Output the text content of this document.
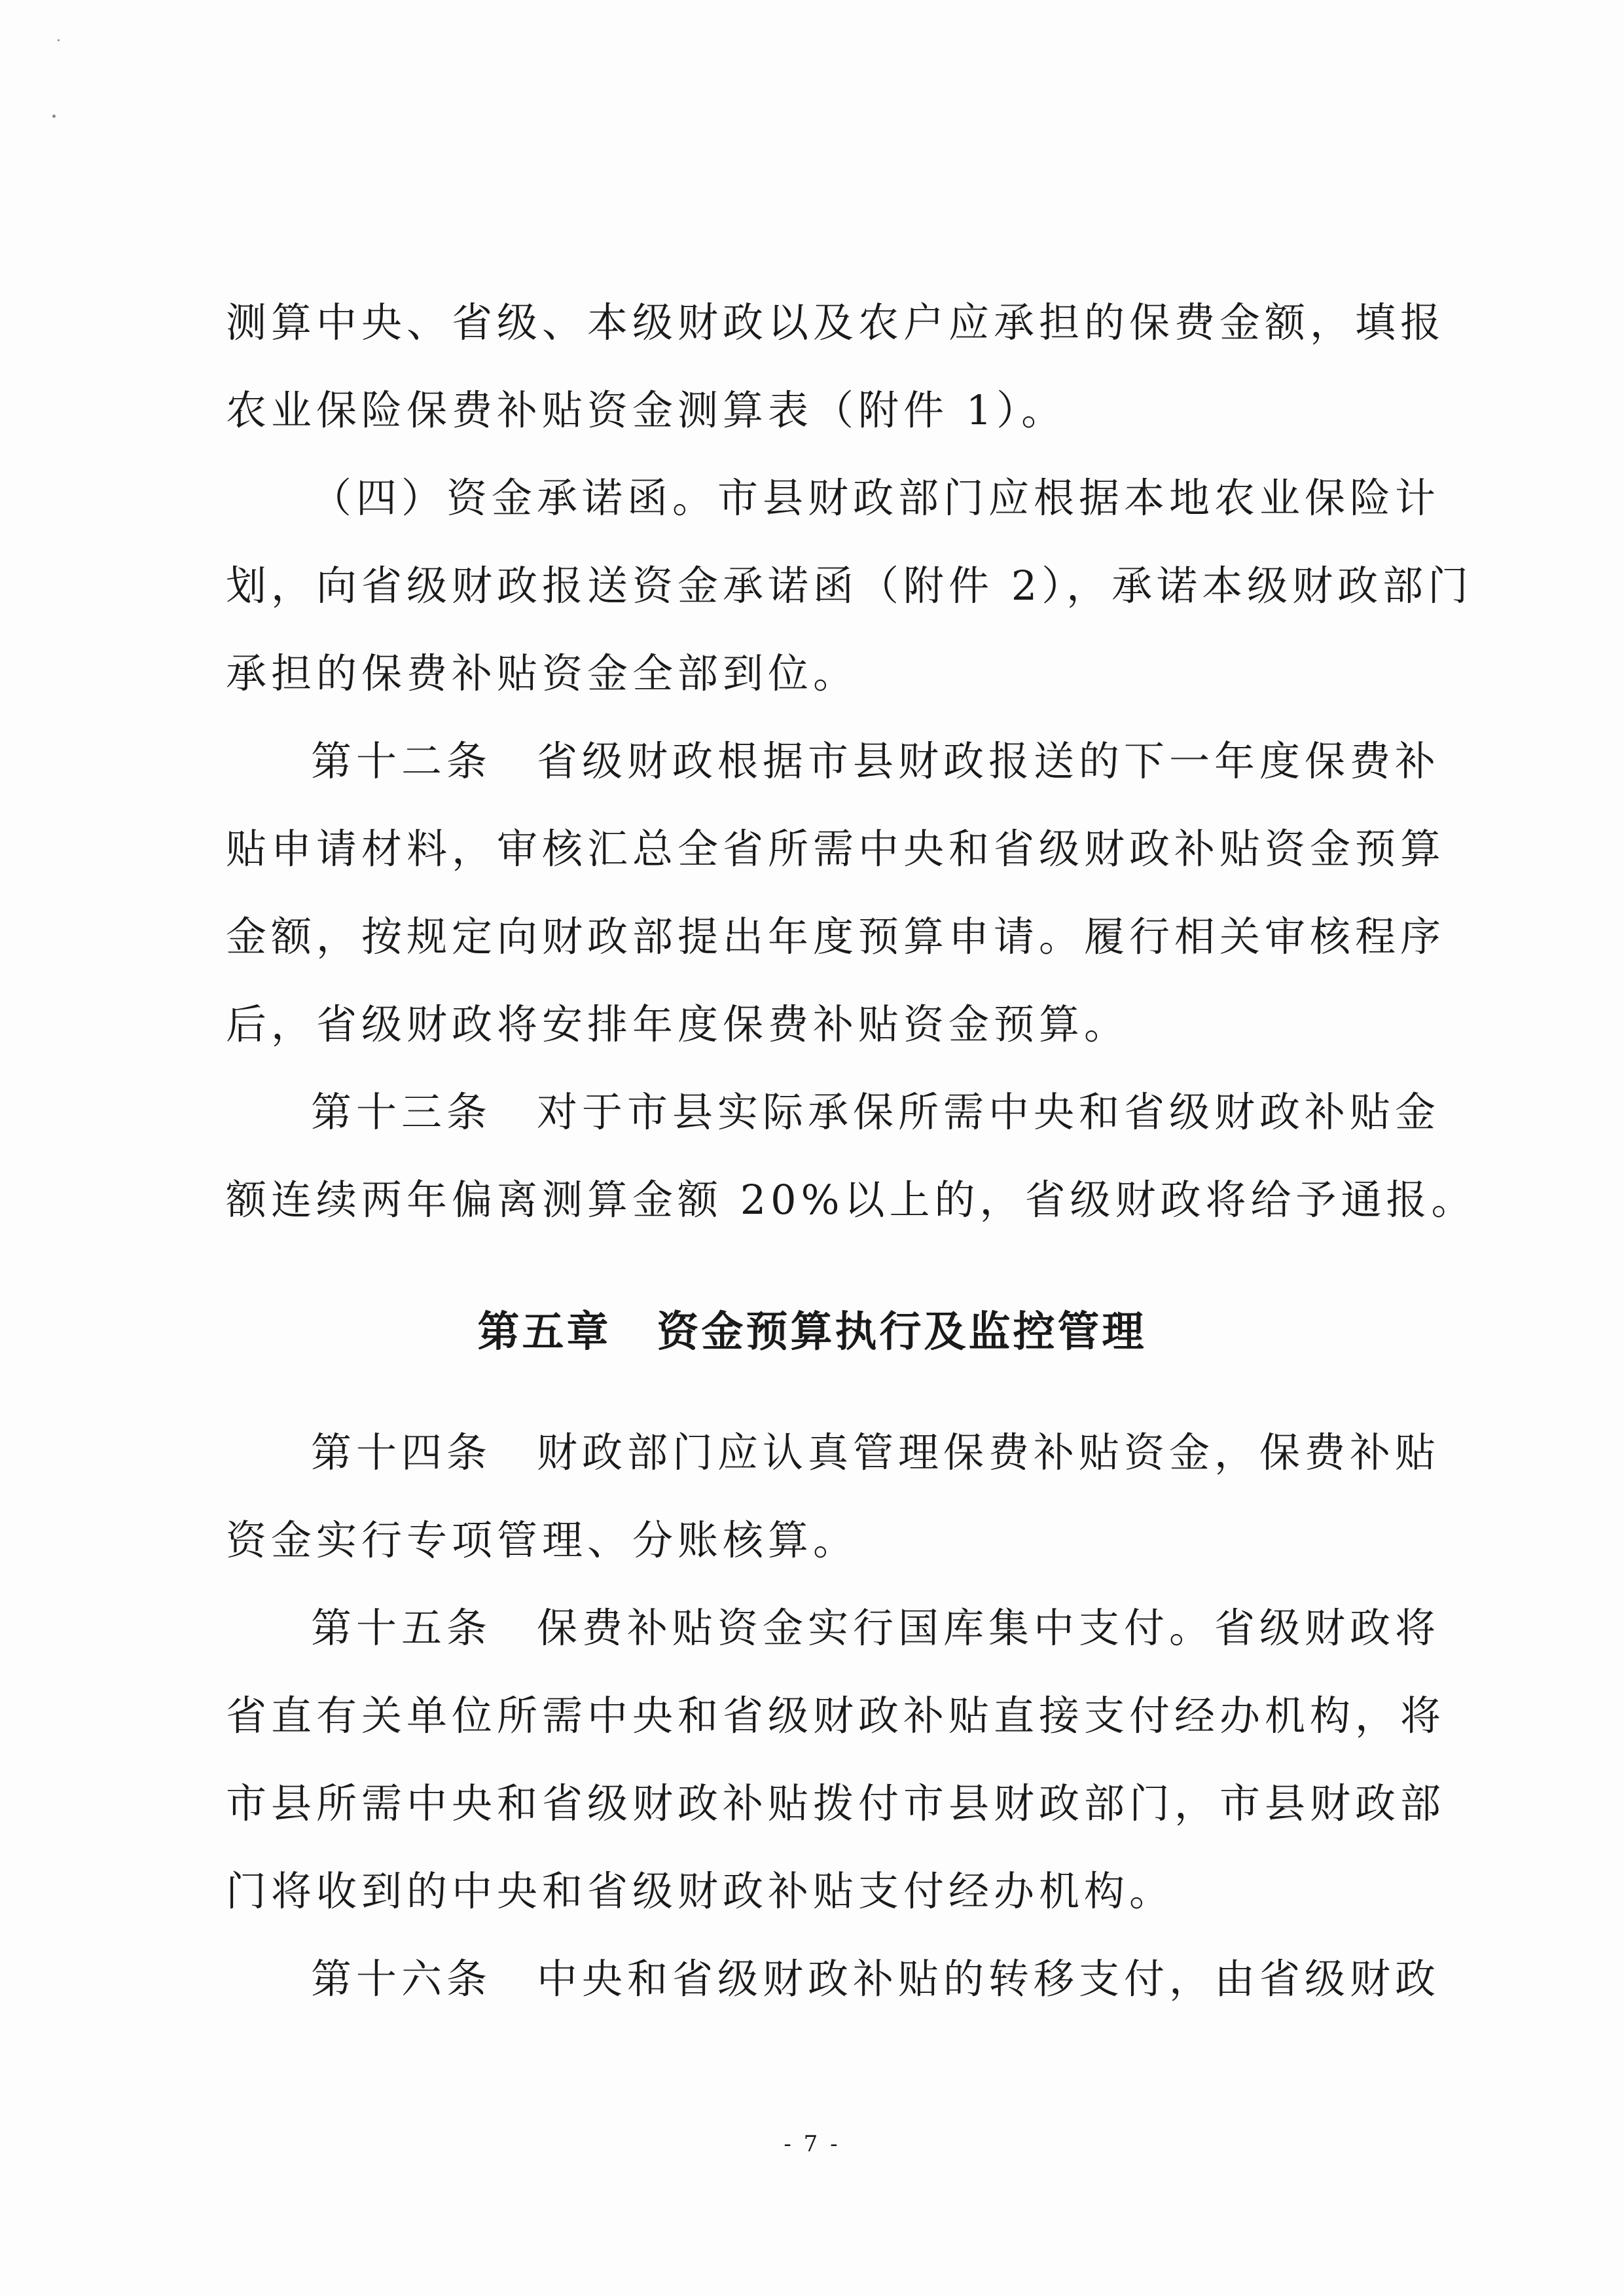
测算中央、省级、本级财政以及农户应承担的保费金额，填报
农业保险保费补贴资金测算表（附件 1）。
（四）资金承诺函。市县财政部门应根据本地农业保险计
划，向省级财政报送资金承诺函（附件 2），承诺本级财政部门
承担的保费补贴资金全部到位。
第十二条　省级财政根据市县财政报送的下一年度保费补
贴申请材料，审核汇总全省所需中央和省级财政补贴资金预算
金额，按规定向财政部提出年度预算申请。履行相关审核程序
后，省级财政将安排年度保费补贴资金预算。
第十三条　对于市县实际承保所需中央和省级财政补贴金
额连续两年偏离测算金额 20%以上的，省级财政将给予通报。
第五章 资金预算执行及监控管理
第十四条　财政部门应认真管理保费补贴资金，保费补贴
资金实行专项管理、分账核算。
第十五条　保费补贴资金实行国库集中支付。省级财政将
省直有关单位所需中央和省级财政补贴直接支付经办机构，将
市县所需中央和省级财政补贴拨付市县财政部门，市县财政部
门将收到的中央和省级财政补贴支付经办机构。
第十六条　中央和省级财政补贴的转移支付，由省级财政
- 7 -
